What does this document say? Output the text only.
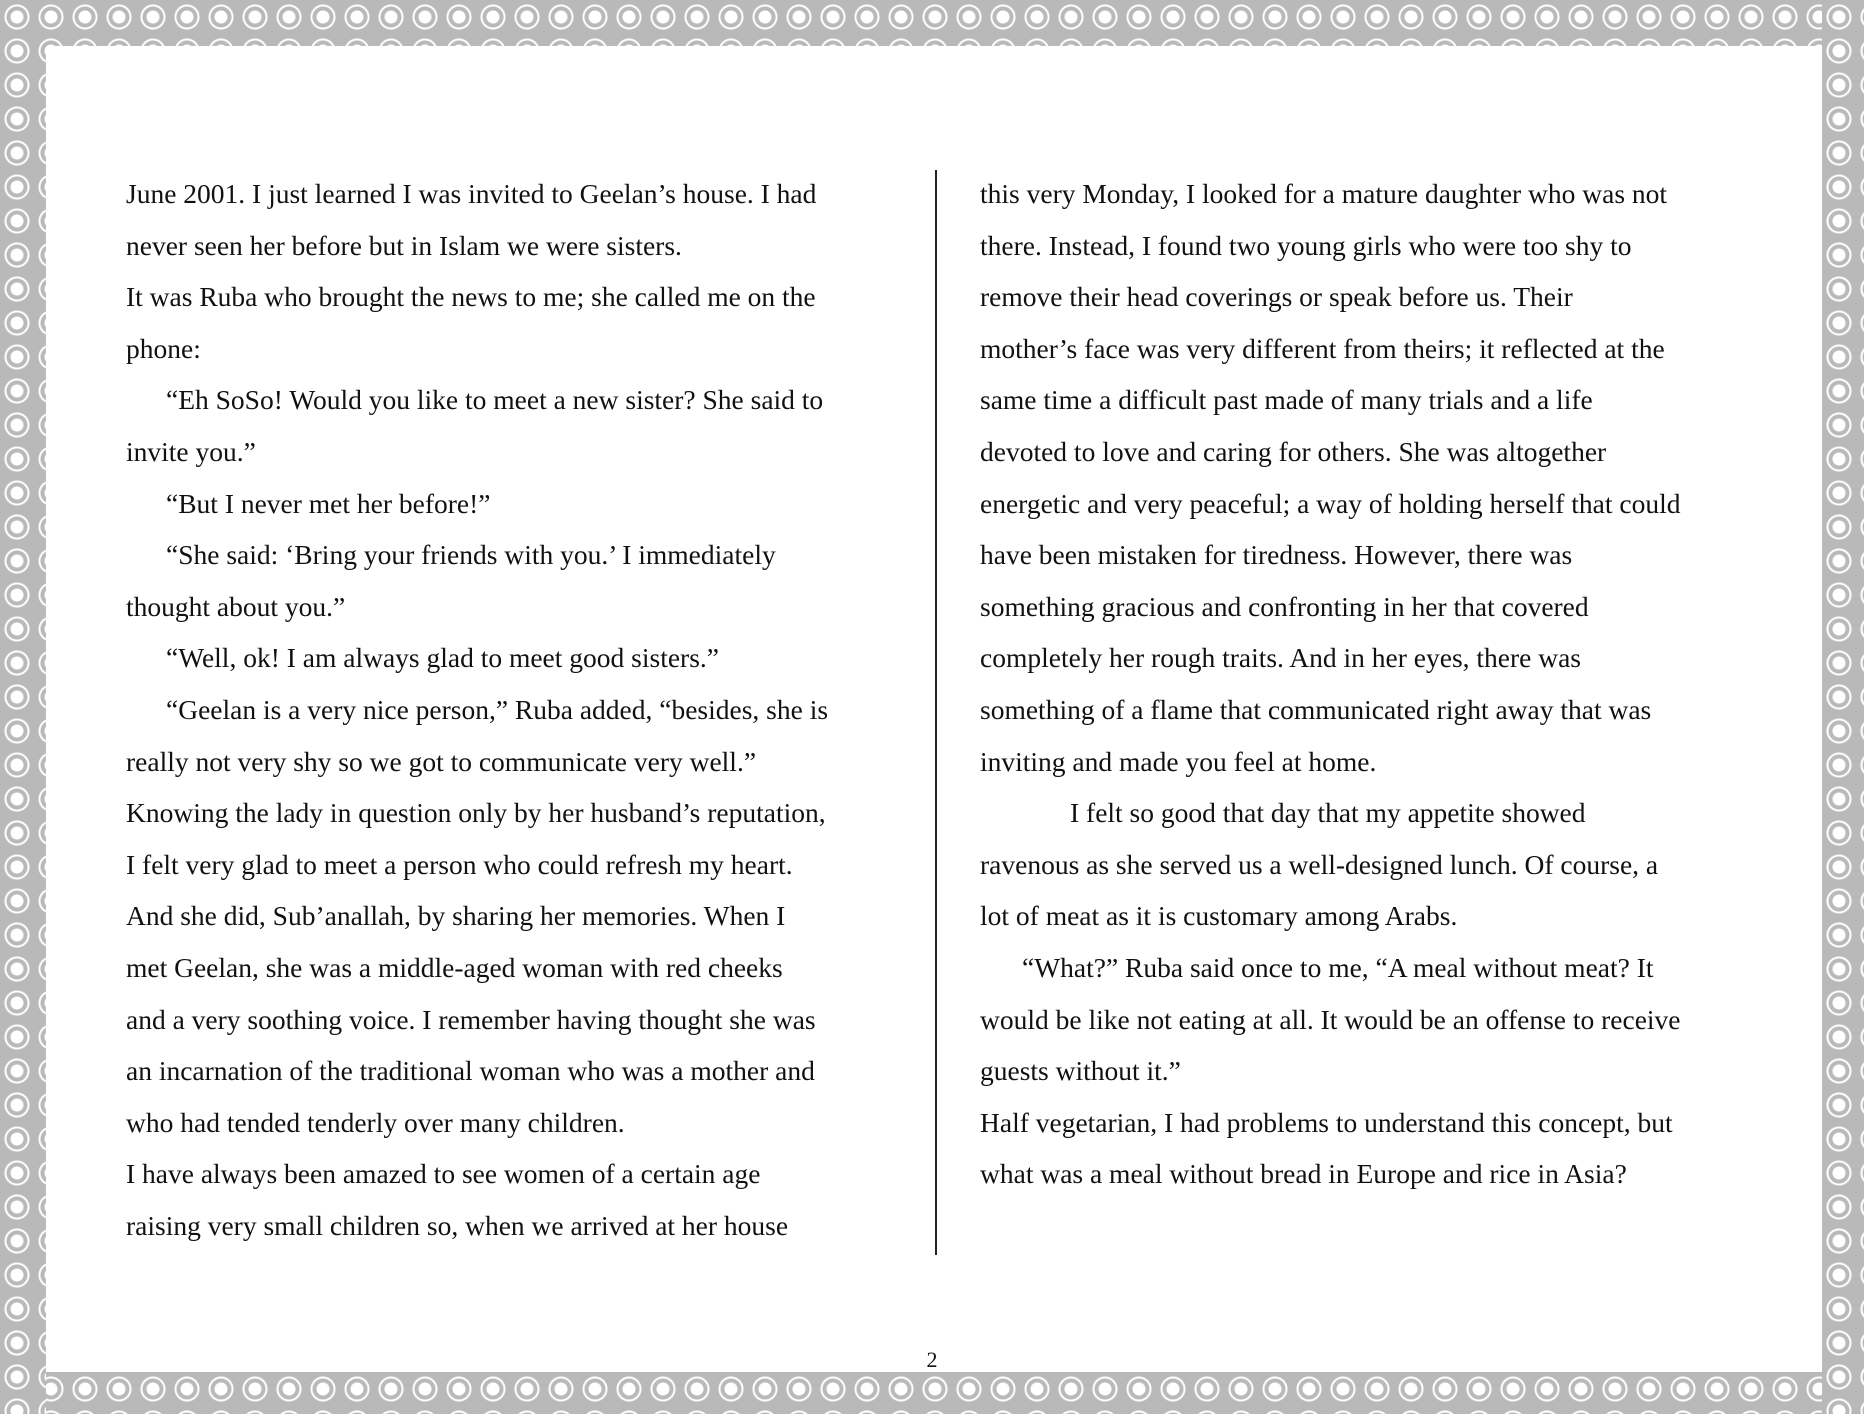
June 2001. I just learned I was invited to Geelan’s house. I had
never seen her before but in Islam we were sisters.
It was Ruba who brought the news to me; she called me on the
phone:
“Eh SoSo! Would you like to meet a new sister? She said to
invite you.”
“But I never met her before!”
“She said: ‘Bring your friends with you.’ I immediately
thought about you.”
“Well, ok! I am always glad to meet good sisters.”
“Geelan is a very nice person,” Ruba added, “besides, she is
really not very shy so we got to communicate very well.”
Knowing the lady in question only by her husband’s reputation,
I felt very glad to meet a person who could refresh my heart.
And she did, Sub’anallah, by sharing her memories. When I
met Geelan, she was a middle-aged woman with red cheeks
and a very soothing voice. I remember having thought she was
an incarnation of the traditional woman who was a mother and
who had tended tenderly over many children.
I have always been amazed to see women of a certain age
raising very small children so, when we arrived at her house
this very Monday, I looked for a mature daughter who was not
there. Instead, I found two young girls who were too shy to
remove their head coverings or speak before us. Their
mother’s face was very different from theirs; it reflected at the
same time a difficult past made of many trials and a life
devoted to love and caring for others. She was altogether
energetic and very peaceful; a way of holding herself that could
have been mistaken for tiredness. However, there was
something gracious and confronting in her that covered
completely her rough traits. And in her eyes, there was
something of a flame that communicated right away that was
inviting and made you feel at home.
I felt so good that day that my appetite showed
ravenous as she served us a well-designed lunch. Of course, a
lot of meat as it is customary among Arabs.
“What?” Ruba said once to me, “A meal without meat? It
would be like not eating at all. It would be an offense to receive
guests without it.”
Half vegetarian, I had problems to understand this concept, but
what was a meal without bread in Europe and rice in Asia?
2
